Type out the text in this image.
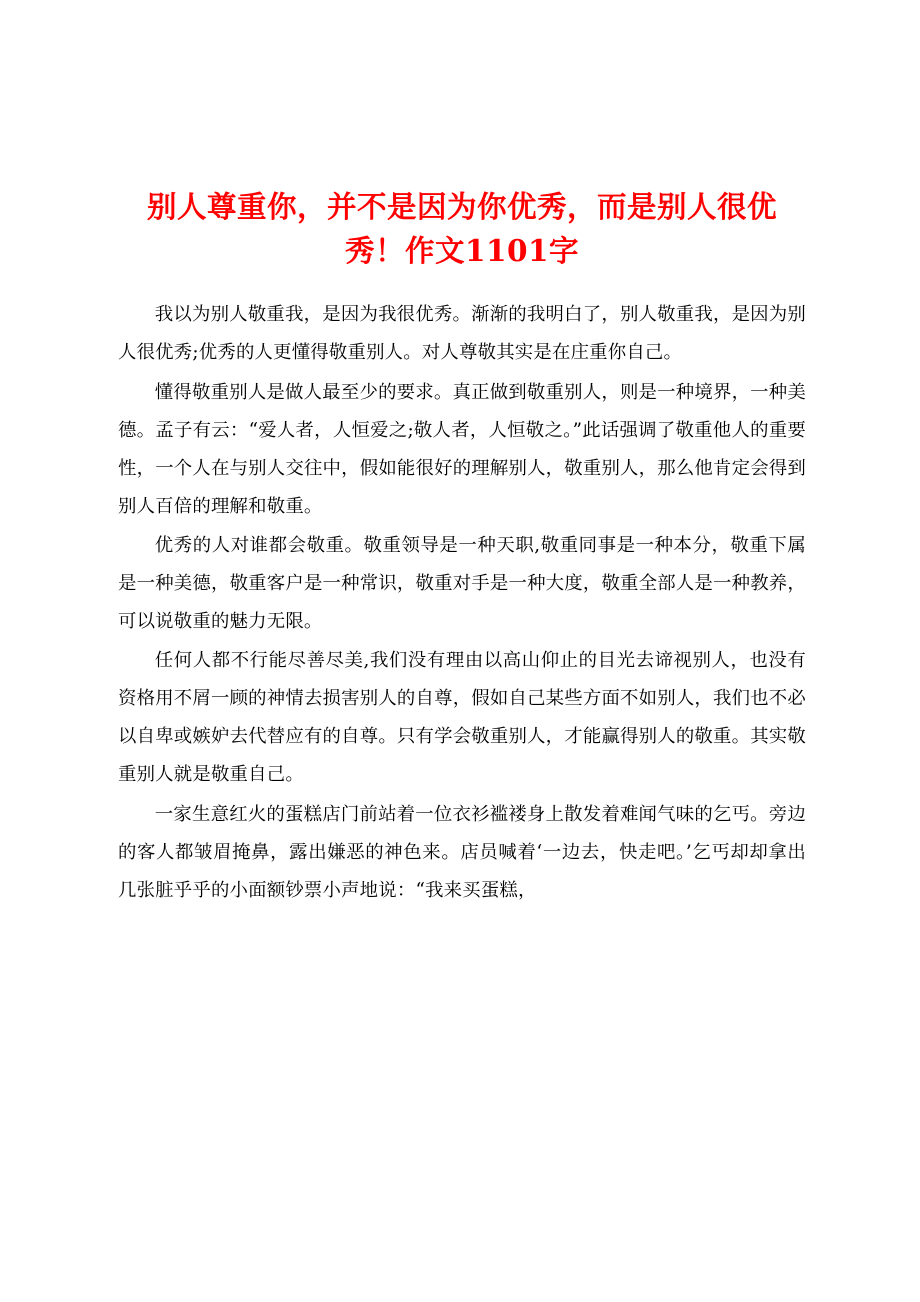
别人尊重你，并不是因为你优秀，而是别人很优秀！作文1101字

我以为别人敬重我，是因为我很优秀。渐渐的我明白了，别人敬重我，是因为别人很优秀;优秀的人更懂得敬重别人。对人尊敬其实是在庄重你自己。

懂得敬重别人是做人最至少的要求。真正做到敬重别人，则是一种境界，一种美德。孟子有云：“爱人者，人恒爱之;敬人者，人恒敬之。”此话强调了敬重他人的重要性，一个人在与别人交往中，假如能很好的理解别人，敬重别人，那么他肯定会得到别人百倍的理解和敬重。

优秀的人对谁都会敬重。敬重领导是一种天职,敬重同事是一种本分，敬重下属是一种美德，敬重客户是一种常识，敬重对手是一种大度，敬重全部人是一种教养，可以说敬重的魅力无限。

任何人都不行能尽善尽美,我们没有理由以高山仰止的目光去谛视别人，也没有资格用不屑一顾的神情去损害别人的自尊，假如自己某些方面不如别人，我们也不必以自卑或嫉妒去代替应有的自尊。只有学会敬重别人，才能赢得别人的敬重。其实敬重别人就是敬重自己。

一家生意红火的蛋糕店门前站着一位衣衫褴褛身上散发着难闻气味的乞丐。旁边的客人都皱眉掩鼻，露出嫌恶的神色来。店员喊着‘一边去，快走吧。’乞丐却却拿出几张脏乎乎的小面额钞票小声地说：“我来买蛋糕，
